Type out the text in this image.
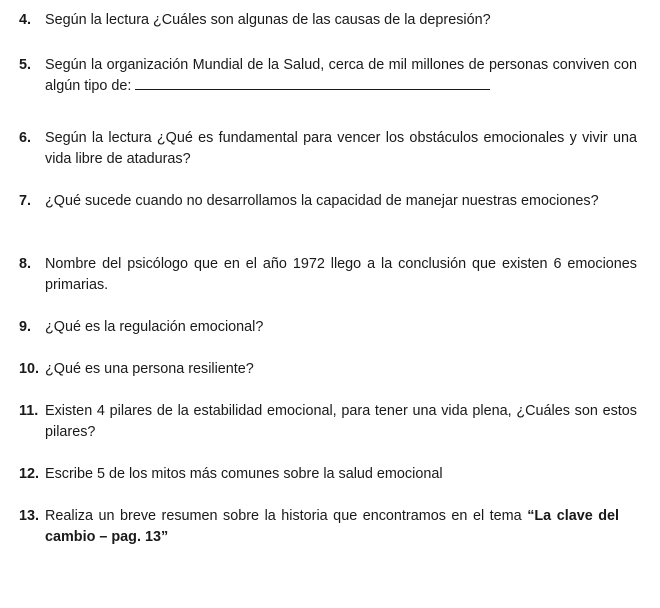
4. Según la lectura ¿Cuáles son algunas de las causas de la depresión?
5. Según la organización Mundial de la Salud, cerca de mil millones de personas conviven con algún tipo de:
6. Según la lectura ¿Qué es fundamental para vencer los obstáculos emocionales y vivir una vida libre de ataduras?
7. ¿Qué sucede cuando no desarrollamos la capacidad de manejar nuestras emociones?
8. Nombre del psicólogo que en el año 1972 llego a la conclusión que existen 6 emociones primarias.
9. ¿Qué es la regulación emocional?
10. ¿Qué es una persona resiliente?
11. Existen 4 pilares de la estabilidad emocional, para tener una vida plena, ¿Cuáles son estos pilares?
12. Escribe 5 de los mitos más comunes sobre la salud emocional
13. Realiza un breve resumen sobre la historia que encontramos en el tema “La clave delcambio – pag. 13”
